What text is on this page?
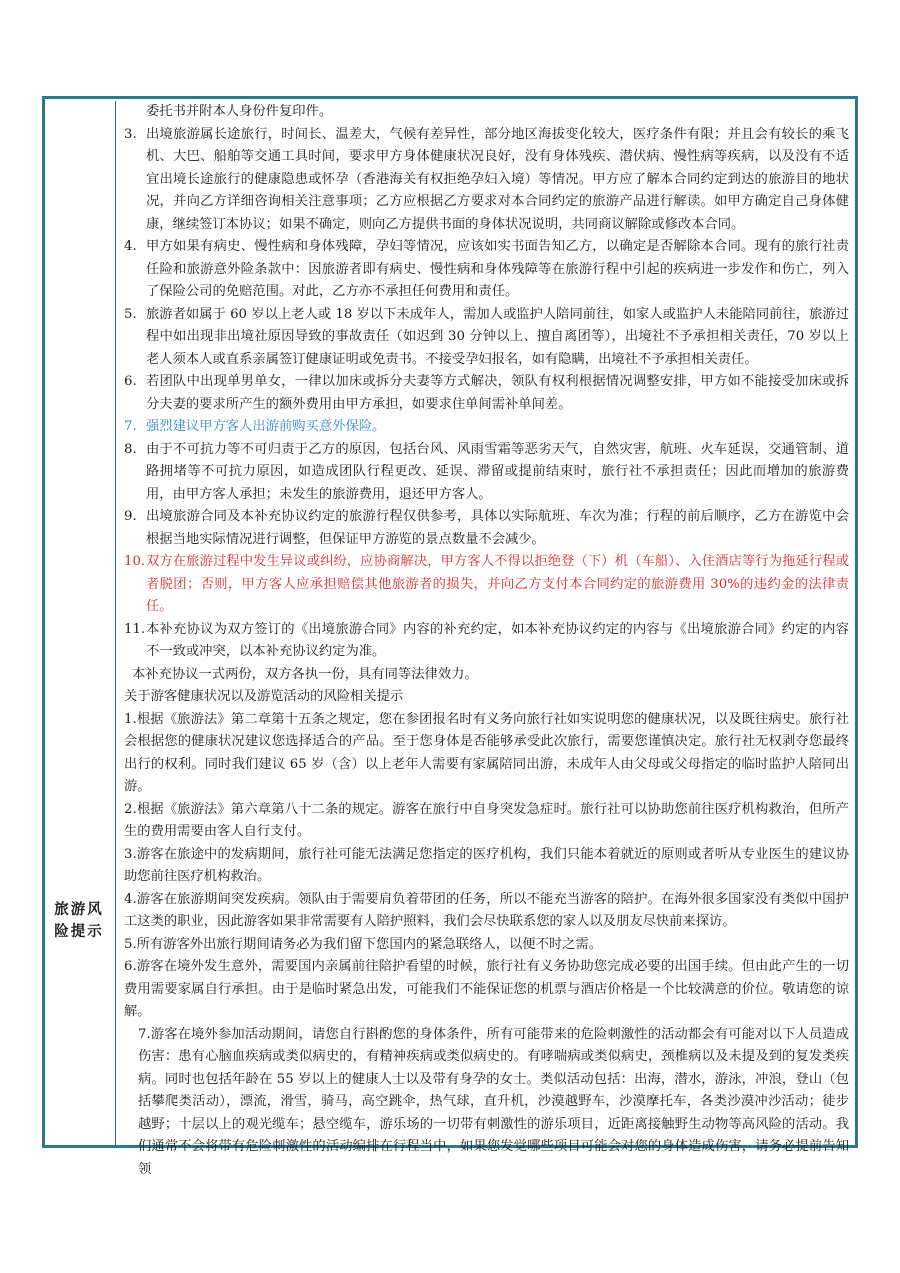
旅游风险提示
委托书并附本人身份件复印件。
3. 出境旅游属长途旅行，时间长、温差大，气候有差异性，部分地区海拔变化较大，医疗条件有限；并且会有较长的乘飞机、大巴、船舶等交通工具时间，要求甲方身体健康状况良好，没有身体残疾、潜伏病、慢性病等疾病，以及没有不适宜出境长途旅行的健康隐患或怀孕（香港海关有权拒绝孕妇入境）等情况。甲方应了解本合同约定到达的旅游目的地状况，并向乙方详细咨询相关注意事项；乙方应根据乙方要求对本合同约定的旅游产品进行解读。如甲方确定自己身体健康，继续签订本协议；如果不确定，则向乙方提供书面的身体状况说明，共同商议解除或修改本合同。
4. 甲方如果有病史、慢性病和身体残障，孕妇等情况，应该如实书面告知乙方，以确定是否解除本合同。现有的旅行社责任险和旅游意外险条款中：因旅游者即有病史、慢性病和身体残障等在旅游行程中引起的疾病进一步发作和伤亡，列入了保险公司的免赔范围。对此，乙方亦不承担任何费用和责任。
5. 旅游者如属于 60 岁以上老人或 18 岁以下未成年人，需加人或监护人陪同前往，如家人或监护人未能陪同前往，旅游过程中如出现非出境社原因导致的事故责任（如迟到 30 分钟以上、擅自离团等），出境社不予承担相关责任，70 岁以上老人须本人或直系亲属签订健康证明或免责书。不接受孕妇报名，如有隐瞒，出境社不予承担相关责任。
6. 若团队中出现单男单女，一律以加床或拆分夫妻等方式解决，领队有权利根据情况调整安排，甲方如不能接受加床或拆分夫妻的要求所产生的额外费用由甲方承担，如要求住单间需补单间差。
7. 强烈建议甲方客人出游前购买意外保险。
8. 由于不可抗力等不可归责于乙方的原因，包括台风、风雨雪霜等恶劣天气，自然灾害，航班、火车延误，交通管制、道路拥堵等不可抗力原因，如造成团队行程更改、延误、滞留或提前结束时，旅行社不承担责任；因此而增加的旅游费用，由甲方客人承担；未发生的旅游费用，退还甲方客人。
9. 出境旅游合同及本补充协议约定的旅游行程仅供参考，具体以实际航班、车次为准；行程的前后顺序，乙方在游览中会根据当地实际情况进行调整，但保证甲方游览的景点数量不会减少。
10. 双方在旅游过程中发生异议或纠纷，应协商解决，甲方客人不得以拒绝登（下）机（车船）、入住酒店等行为拖延行程或者脱团；否则，甲方客人应承担赔偿其他旅游者的损失，并向乙方支付本合同约定的旅游费用 30%的违约金的法律责任。
11. 本补充协议为双方签订的《出境旅游合同》内容的补充约定，如本补充协议约定的内容与《出境旅游合同》约定的内容不一致或冲突，以本补充协议约定为准。
本补充协议一式两份，双方各执一份，具有同等法律效力。
关于游客健康状况以及游览活动的风险相关提示
1.根据《旅游法》第二章第十五条之规定，您在参团报名时有义务向旅行社如实说明您的健康状况，以及既往病史。旅行社会根据您的健康状况建议您选择适合的产品。至于您身体是否能够承受此次旅行，需要您谨慎决定。旅行社无权剥夺您最终出行的权利。同时我们建议 65 岁（含）以上老年人需要有家属陪同出游，未成年人由父母或父母指定的临时监护人陪同出游。
2.根据《旅游法》第六章第八十二条的规定。游客在旅行中自身突发急症时。旅行社可以协助您前往医疗机构救治，但所产生的费用需要由客人自行支付。
3.游客在旅途中的发病期间，旅行社可能无法满足您指定的医疗机构，我们只能本着就近的原则或者听从专业医生的建议协助您前往医疗机构救治。
4.游客在旅游期间突发疾病。领队由于需要肩负着带团的任务，所以不能充当游客的陪护。在海外很多国家没有类似中国护工这类的职业，因此游客如果非常需要有人陪护照料，我们会尽快联系您的家人以及朋友尽快前来探访。
5.所有游客外出旅行期间请务必为我们留下您国内的紧急联络人，以便不时之需。
6.游客在境外发生意外，需要国内亲属前往陪护看望的时候，旅行社有义务协助您完成必要的出国手续。但由此产生的一切费用需要家属自行承担。由于是临时紧急出发，可能我们不能保证您的机票与酒店价格是一个比较满意的价位。敬请您的谅解。
7.游客在境外参加活动期间，请您自行斟酌您的身体条件，所有可能带来的危险刺激性的活动都会有可能对以下人员造成伤害：患有心脑血疾病或类似病史的，有精神疾病或类似病史的。有哮喘病或类似病史，颈椎病以及未提及到的复发类疾病。同时也包括年龄在 55 岁以上的健康人士以及带有身孕的女士。类似活动包括：出海，潜水，游泳，冲浪，登山（包括攀爬类活动），漂流，滑雪，骑马，高空跳伞，热气球，直升机，沙漠越野车，沙漠摩托车，各类沙漠冲沙活动；徒步越野；十层以上的观光缆车；悬空缆车，游乐场的一切带有刺激性的游乐项目，近距离接触野生动物等高风险的活动。我们通常不会将带有危险刺激性的活动编排在行程当中，如果您发觉哪些项目可能会对您的身体造成伤害，请务必提前告知领
